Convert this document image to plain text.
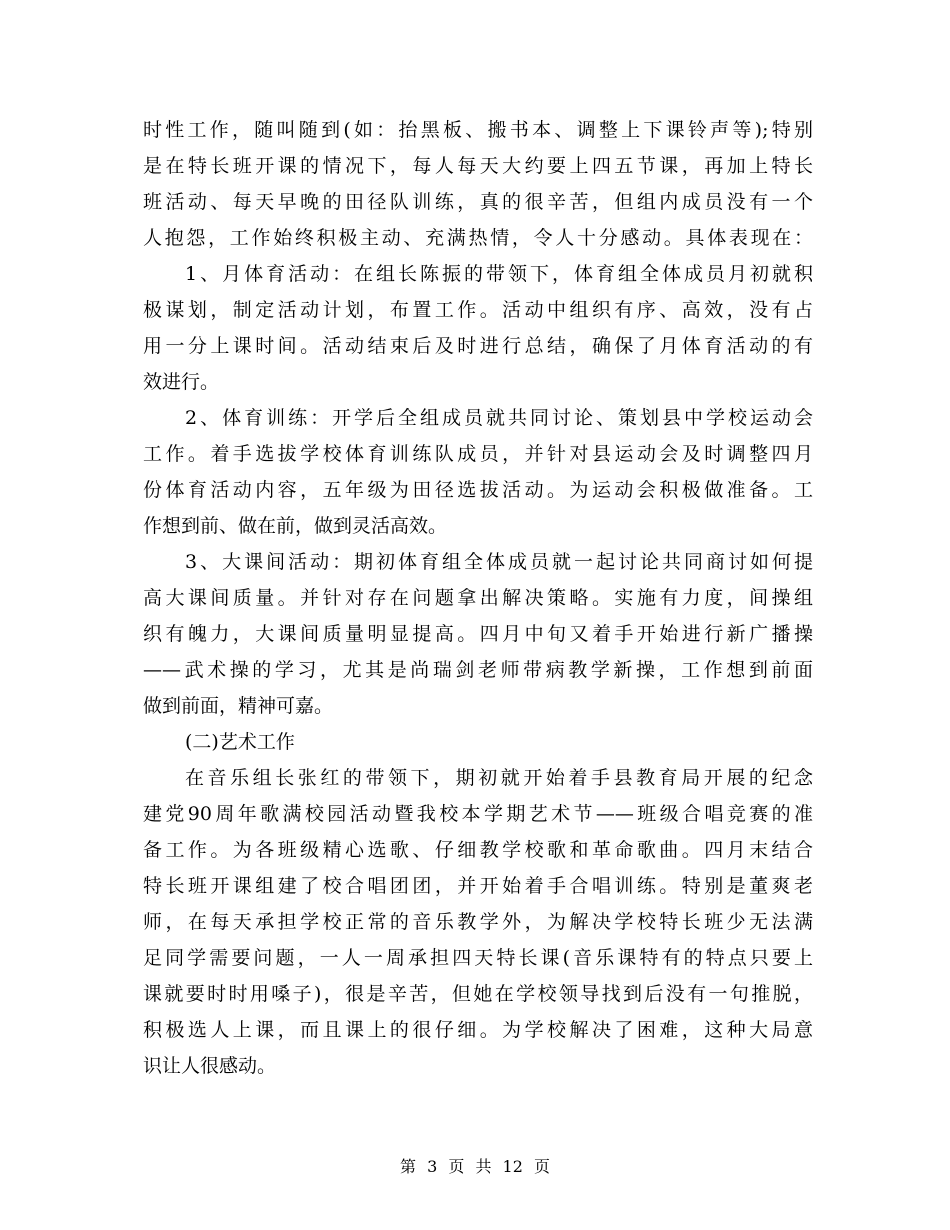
时性工作，随叫随到(如：抬黑板、搬书本、调整上下课铃声等);特别
是在特长班开课的情况下，每人每天大约要上四五节课，再加上特长
班活动、每天早晚的田径队训练，真的很辛苦，但组内成员没有一个
人抱怨，工作始终积极主动、充满热情，令人十分感动。具体表现在：
1、月体育活动：在组长陈振的带领下，体育组全体成员月初就积
极谋划，制定活动计划，布置工作。活动中组织有序、高效，没有占
用一分上课时间。活动结束后及时进行总结，确保了月体育活动的有
效进行。
2、体育训练：开学后全组成员就共同讨论、策划县中学校运动会
工作。着手选拔学校体育训练队成员，并针对县运动会及时调整四月
份体育活动内容，五年级为田径选拔活动。为运动会积极做准备。工
作想到前、做在前，做到灵活高效。
3、大课间活动：期初体育组全体成员就一起讨论共同商讨如何提
高大课间质量。并针对存在问题拿出解决策略。实施有力度，间操组
织有魄力，大课间质量明显提高。四月中旬又着手开始进行新广播操
——武术操的学习，尤其是尚瑞剑老师带病教学新操，工作想到前面
做到前面，精神可嘉。
(二)艺术工作
在音乐组长张红的带领下，期初就开始着手县教育局开展的纪念
建党90周年歌满校园活动暨我校本学期艺术节——班级合唱竞赛的准
备工作。为各班级精心选歌、仔细教学校歌和革命歌曲。四月末结合
特长班开课组建了校合唱团团，并开始着手合唱训练。特别是董爽老
师，在每天承担学校正常的音乐教学外，为解决学校特长班少无法满
足同学需要问题，一人一周承担四天特长课(音乐课特有的特点只要上
课就要时时用嗓子)，很是辛苦，但她在学校领导找到后没有一句推脱，
积极选人上课，而且课上的很仔细。为学校解决了困难，这种大局意
识让人很感动。
第 3 页 共 12 页
